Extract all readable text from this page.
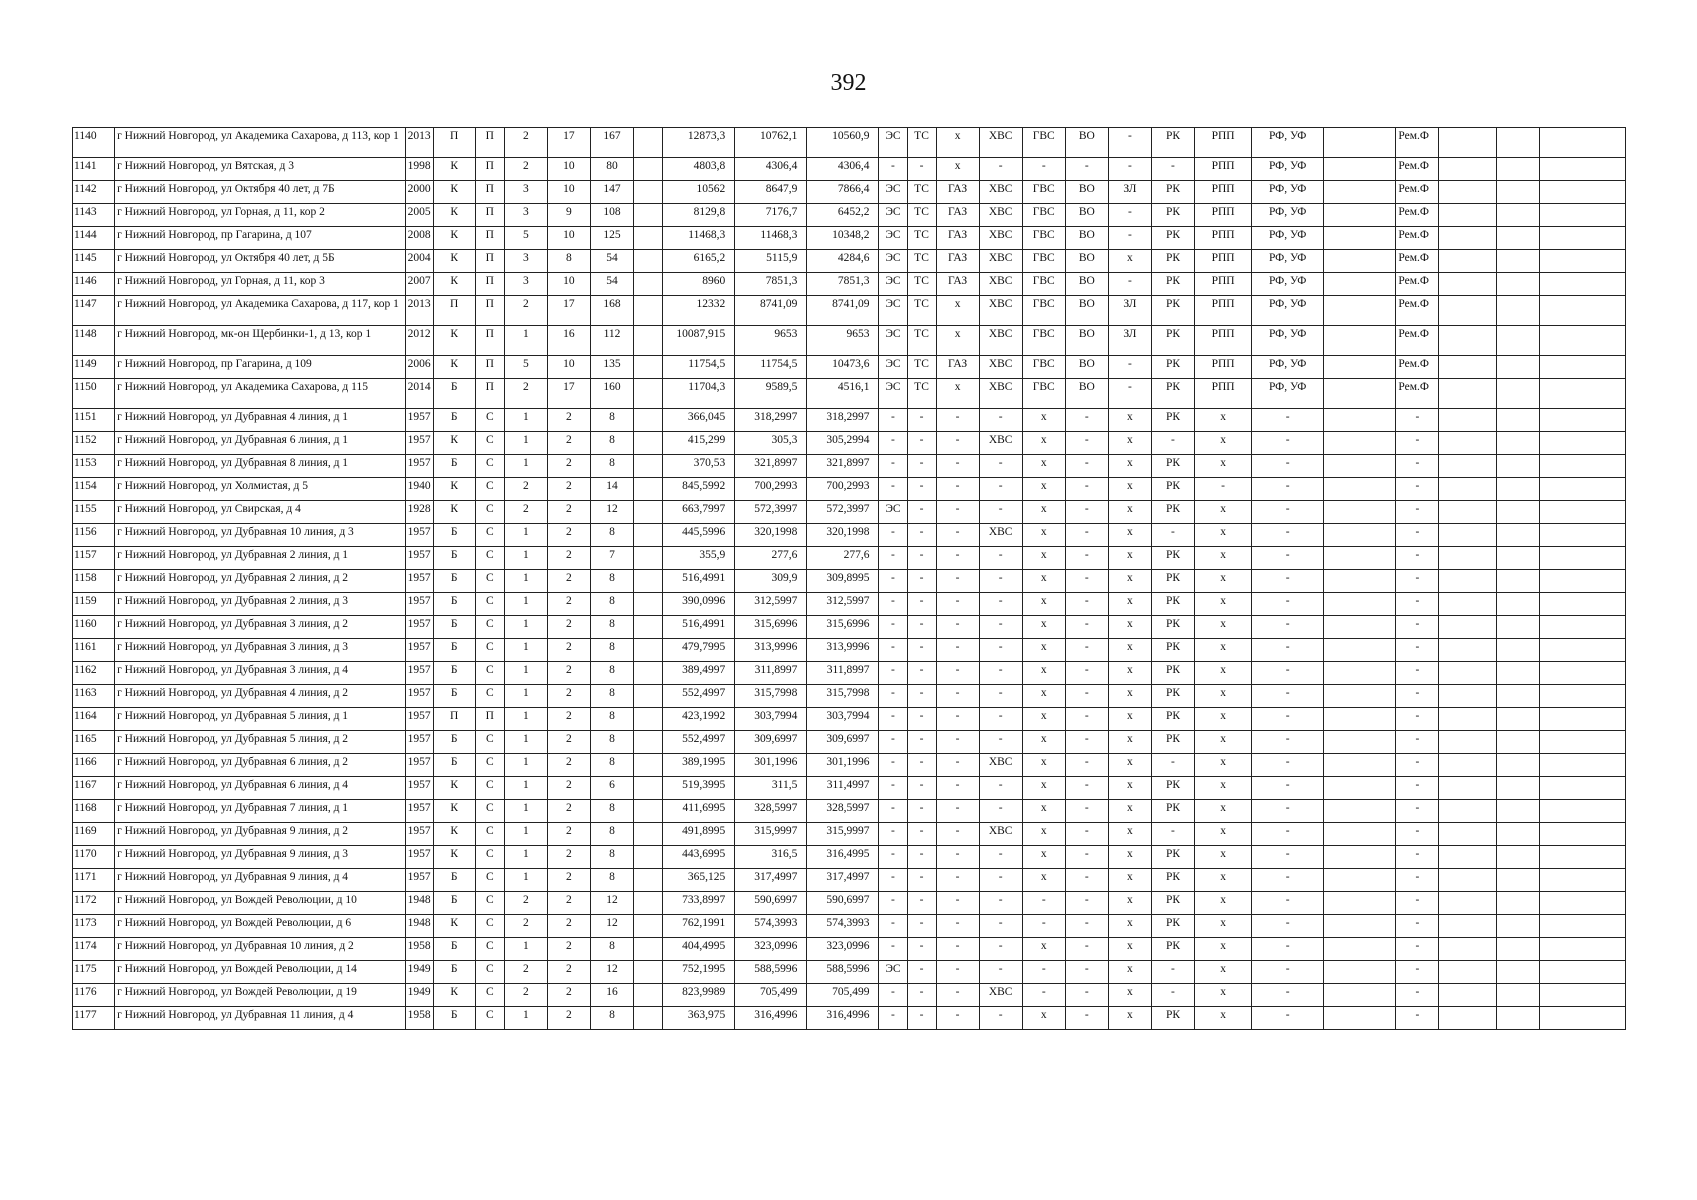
392
1140	г Нижний Новгород, ул Академика Сахарова, д 113, кор 1	2013	П	П	2	17	167		12873,3	10762,1	10560,9	ЭС	ТС	х	ХВС	ГВС	ВО	-	РК	РПП	РФ, УФ		Рем.Ф			
1141	г Нижний Новгород, ул Вятская, д 3	1998	К	П	2	10	80		4803,8	4306,4	4306,4	-	-	х	-	-	-	-	-	РПП	РФ, УФ		Рем.Ф			
1142	г Нижний Новгород, ул Октября 40 лет, д 7Б	2000	К	П	3	10	147		10562	8647,9	7866,4	ЭС	ТС	ГАЗ	ХВС	ГВС	ВО	ЗЛ	РК	РПП	РФ, УФ		Рем.Ф			
1143	г Нижний Новгород, ул Горная, д 11, кор 2	2005	К	П	3	9	108		8129,8	7176,7	6452,2	ЭС	ТС	ГАЗ	ХВС	ГВС	ВО	-	РК	РПП	РФ, УФ		Рем.Ф			
1144	г Нижний Новгород, пр Гагарина, д 107	2008	К	П	5	10	125		11468,3	11468,3	10348,2	ЭС	ТС	ГАЗ	ХВС	ГВС	ВО	-	РК	РПП	РФ, УФ		Рем.Ф			
1145	г Нижний Новгород, ул Октября 40 лет, д 5Б	2004	К	П	3	8	54		6165,2	5115,9	4284,6	ЭС	ТС	ГАЗ	ХВС	ГВС	ВО	х	РК	РПП	РФ, УФ		Рем.Ф			
1146	г Нижний Новгород, ул Горная, д 11, кор 3	2007	К	П	3	10	54		8960	7851,3	7851,3	ЭС	ТС	ГАЗ	ХВС	ГВС	ВО	-	РК	РПП	РФ, УФ		Рем.Ф			
1147	г Нижний Новгород, ул Академика Сахарова, д 117, кор 1	2013	П	П	2	17	168		12332	8741,09	8741,09	ЭС	ТС	х	ХВС	ГВС	ВО	ЗЛ	РК	РПП	РФ, УФ		Рем.Ф			
1148	г Нижний Новгород, мк-он Щербинки-1, д 13, кор 1	2012	К	П	1	16	112		10087,915	9653	9653	ЭС	ТС	х	ХВС	ГВС	ВО	ЗЛ	РК	РПП	РФ, УФ		Рем.Ф			
1149	г Нижний Новгород, пр Гагарина, д 109	2006	К	П	5	10	135		11754,5	11754,5	10473,6	ЭС	ТС	ГАЗ	ХВС	ГВС	ВО	-	РК	РПП	РФ, УФ		Рем.Ф			
1150	г Нижний Новгород, ул Академика Сахарова, д 115	2014	Б	П	2	17	160		11704,3	9589,5	4516,1	ЭС	ТС	х	ХВС	ГВС	ВО	-	РК	РПП	РФ, УФ		Рем.Ф			
1151	г Нижний Новгород, ул Дубравная 4 линия, д 1	1957	Б	С	1	2	8		366,045	318,2997	318,2997	-	-	-	-	х	-	х	РК	х	-		-			
1152	г Нижний Новгород, ул Дубравная 6 линия, д 1	1957	К	С	1	2	8		415,299	305,3	305,2994	-	-	-	ХВС	х	-	х	-	х	-		-			
1153	г Нижний Новгород, ул Дубравная 8 линия, д 1	1957	Б	С	1	2	8		370,53	321,8997	321,8997	-	-	-	-	х	-	х	РК	х	-		-			
1154	г Нижний Новгород, ул Холмистая, д 5	1940	К	С	2	2	14		845,5992	700,2993	700,2993	-	-	-	-	х	-	х	РК	-	-		-			
1155	г Нижний Новгород, ул Свирская, д 4	1928	К	С	2	2	12		663,7997	572,3997	572,3997	ЭС	-	-	-	х	-	х	РК	х	-		-			
1156	г Нижний Новгород, ул Дубравная 10 линия, д 3	1957	Б	С	1	2	8		445,5996	320,1998	320,1998	-	-	-	ХВС	х	-	х	-	х	-		-			
1157	г Нижний Новгород, ул Дубравная 2 линия, д 1	1957	Б	С	1	2	7		355,9	277,6	277,6	-	-	-	-	х	-	х	РК	х	-		-			
1158	г Нижний Новгород, ул Дубравная 2 линия, д 2	1957	Б	С	1	2	8		516,4991	309,9	309,8995	-	-	-	-	х	-	х	РК	х	-		-			
1159	г Нижний Новгород, ул Дубравная 2 линия, д 3	1957	Б	С	1	2	8		390,0996	312,5997	312,5997	-	-	-	-	х	-	х	РК	х	-		-			
1160	г Нижний Новгород, ул Дубравная 3 линия, д 2	1957	Б	С	1	2	8		516,4991	315,6996	315,6996	-	-	-	-	х	-	х	РК	х	-		-			
1161	г Нижний Новгород, ул Дубравная 3 линия, д 3	1957	Б	С	1	2	8		479,7995	313,9996	313,9996	-	-	-	-	х	-	х	РК	х	-		-			
1162	г Нижний Новгород, ул Дубравная 3 линия, д 4	1957	Б	С	1	2	8		389,4997	311,8997	311,8997	-	-	-	-	х	-	х	РК	х	-		-			
1163	г Нижний Новгород, ул Дубравная 4 линия, д 2	1957	Б	С	1	2	8		552,4997	315,7998	315,7998	-	-	-	-	х	-	х	РК	х	-		-			
1164	г Нижний Новгород, ул Дубравная 5 линия, д 1	1957	П	П	1	2	8		423,1992	303,7994	303,7994	-	-	-	-	х	-	х	РК	х	-		-			
1165	г Нижний Новгород, ул Дубравная 5 линия, д 2	1957	Б	С	1	2	8		552,4997	309,6997	309,6997	-	-	-	-	х	-	х	РК	х	-		-			
1166	г Нижний Новгород, ул Дубравная 6 линия, д 2	1957	Б	С	1	2	8		389,1995	301,1996	301,1996	-	-	-	ХВС	х	-	х	-	х	-		-			
1167	г Нижний Новгород, ул Дубравная 6 линия, д 4	1957	К	С	1	2	6		519,3995	311,5	311,4997	-	-	-	-	х	-	х	РК	х	-		-			
1168	г Нижний Новгород, ул Дубравная 7 линия, д 1	1957	К	С	1	2	8		411,6995	328,5997	328,5997	-	-	-	-	х	-	х	РК	х	-		-			
1169	г Нижний Новгород, ул Дубравная 9 линия, д 2	1957	К	С	1	2	8		491,8995	315,9997	315,9997	-	-	-	ХВС	х	-	х	-	х	-		-			
1170	г Нижний Новгород, ул Дубравная 9 линия, д 3	1957	К	С	1	2	8		443,6995	316,5	316,4995	-	-	-	-	х	-	х	РК	х	-		-			
1171	г Нижний Новгород, ул Дубравная 9 линия, д 4	1957	Б	С	1	2	8		365,125	317,4997	317,4997	-	-	-	-	х	-	х	РК	х	-		-			
1172	г Нижний Новгород, ул Вождей Революции, д 10	1948	Б	С	2	2	12		733,8997	590,6997	590,6997	-	-	-	-	-	-	х	РК	х	-		-			
1173	г Нижний Новгород, ул Вождей Революции, д 6	1948	К	С	2	2	12		762,1991	574,3993	574,3993	-	-	-	-	-	-	х	РК	х	-		-			
1174	г Нижний Новгород, ул Дубравная 10 линия, д 2	1958	Б	С	1	2	8		404,4995	323,0996	323,0996	-	-	-	-	х	-	х	РК	х	-		-			
1175	г Нижний Новгород, ул Вождей Революции, д 14	1949	Б	С	2	2	12		752,1995	588,5996	588,5996	ЭС	-	-	-	-	-	х	-	х	-		-			
1176	г Нижний Новгород, ул Вождей Революции, д 19	1949	К	С	2	2	16		823,9989	705,499	705,499	-	-	-	ХВС	-	-	х	-	х	-		-			
1177	г Нижний Новгород, ул Дубравная 11 линия, д 4	1958	Б	С	1	2	8		363,975	316,4996	316,4996	-	-	-	-	х	-	х	РК	х	-		-			
